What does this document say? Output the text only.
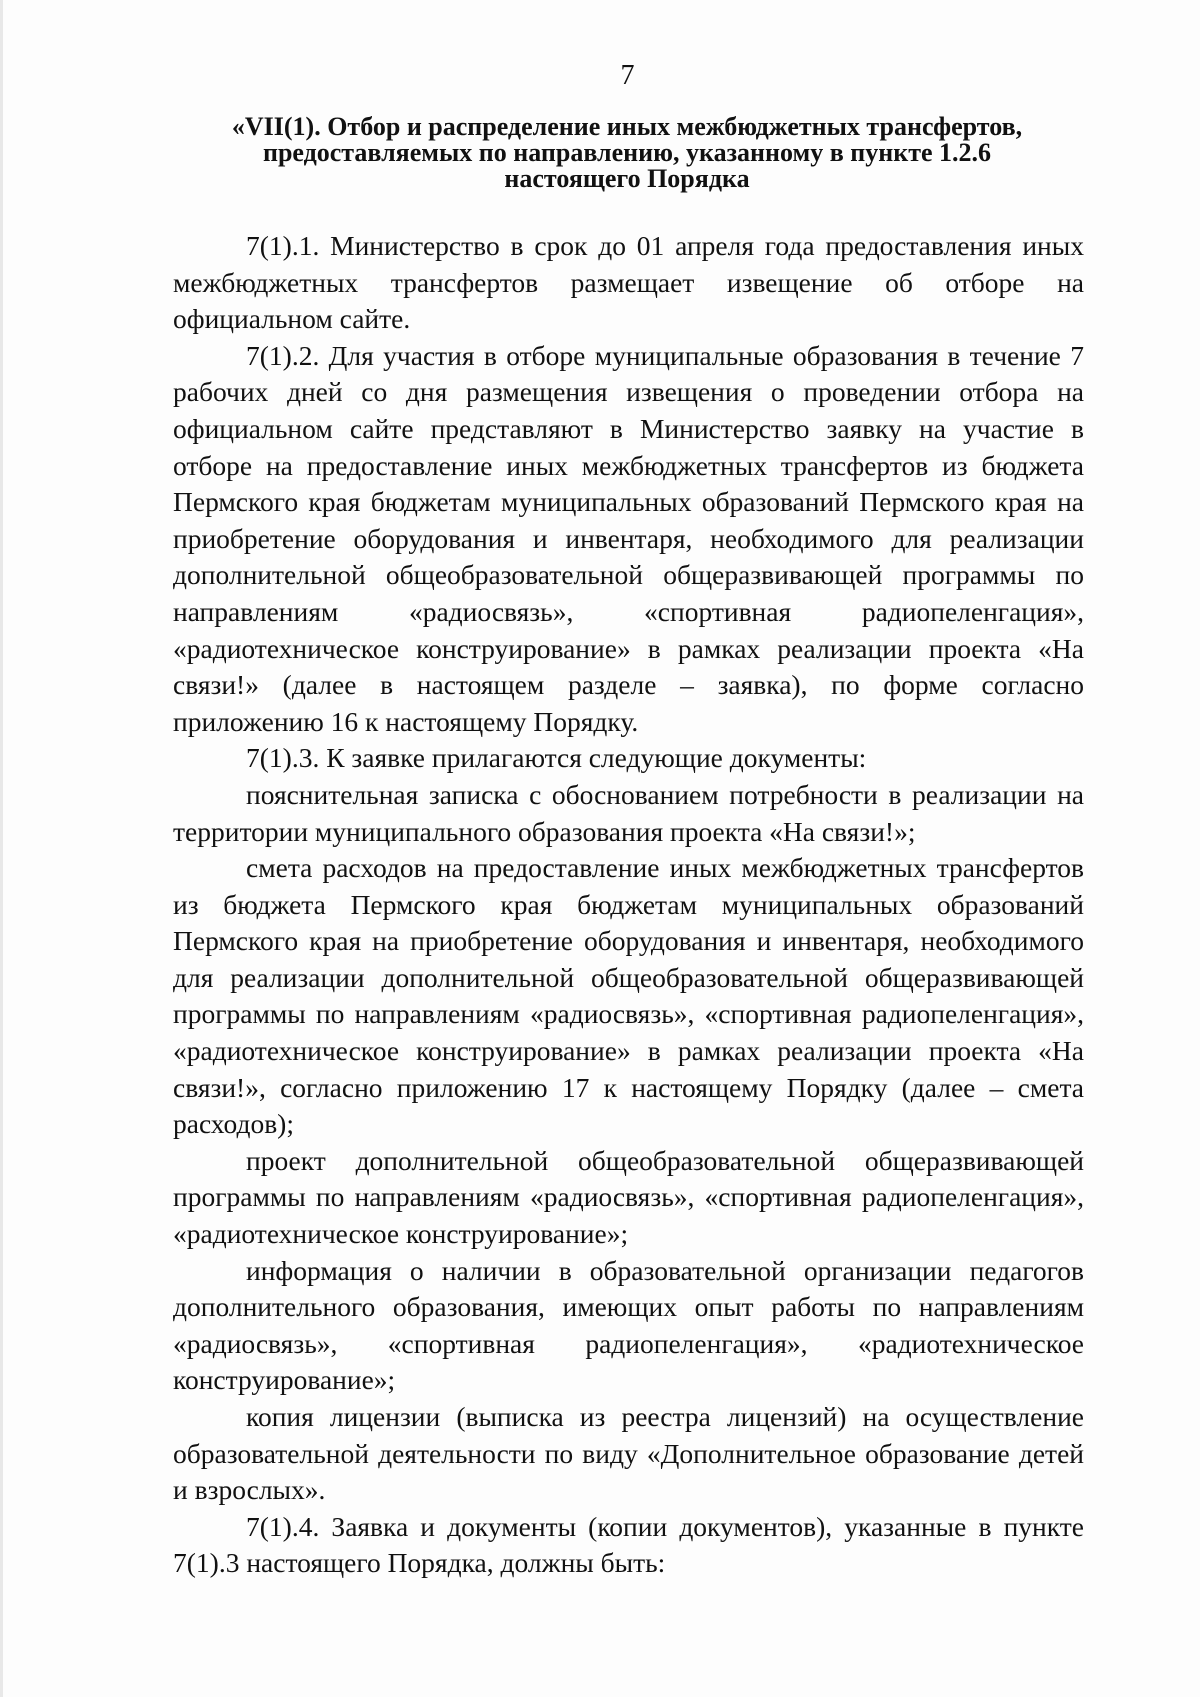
7
«VII(1). Отбор и распределение иных межбюджетных трансфертов,
предоставляемых по направлению, указанному в пункте 1.2.6
настоящего Порядка

7(1).1. Министерство в срок до 01 апреля года предоставления иных межбюджетных трансфертов размещает извещение об отборе на официальном сайте.

7(1).2. Для участия в отборе муниципальные образования в течение 7 рабочих дней со дня размещения извещения о проведении отбора на официальном сайте представляют в Министерство заявку на участие в отборе на предоставление иных межбюджетных трансфертов из бюджета Пермского края бюджетам муниципальных образований Пермского края на приобретение оборудования и инвентаря, необходимого для реализации дополнительной общеобразовательной общеразвивающей программы по направлениям «радиосвязь», «спортивная радиопеленгация», «радиотехническое конструирование» в рамках реализации проекта «На связи!» (далее в настоящем разделе – заявка), по форме согласно приложению 16 к настоящему Порядку.

7(1).3. К заявке прилагаются следующие документы:

пояснительная записка с обоснованием потребности в реализации на территории муниципального образования проекта «На связи!»;

смета расходов на предоставление иных межбюджетных трансфертов из бюджета Пермского края бюджетам муниципальных образований Пермского края на приобретение оборудования и инвентаря, необходимого для реализации дополнительной общеобразовательной общеразвивающей программы по направлениям «радиосвязь», «спортивная радиопеленгация», «радиотехническое конструирование» в рамках реализации проекта «На связи!», согласно приложению 17 к настоящему Порядку (далее – смета расходов);

проект дополнительной общеобразовательной общеразвивающей программы по направлениям «радиосвязь», «спортивная радиопеленгация», «радиотехническое конструирование»;

информация о наличии в образовательной организации педагогов дополнительного образования, имеющих опыт работы по направлениям «радиосвязь», «спортивная радиопеленгация», «радиотехническое конструирование»;

копия лицензии (выписка из реестра лицензий) на осуществление образовательной деятельности по виду «Дополнительное образование детей и взрослых».

7(1).4. Заявка и документы (копии документов), указанные в пункте 7(1).3 настоящего Порядка, должны быть:
